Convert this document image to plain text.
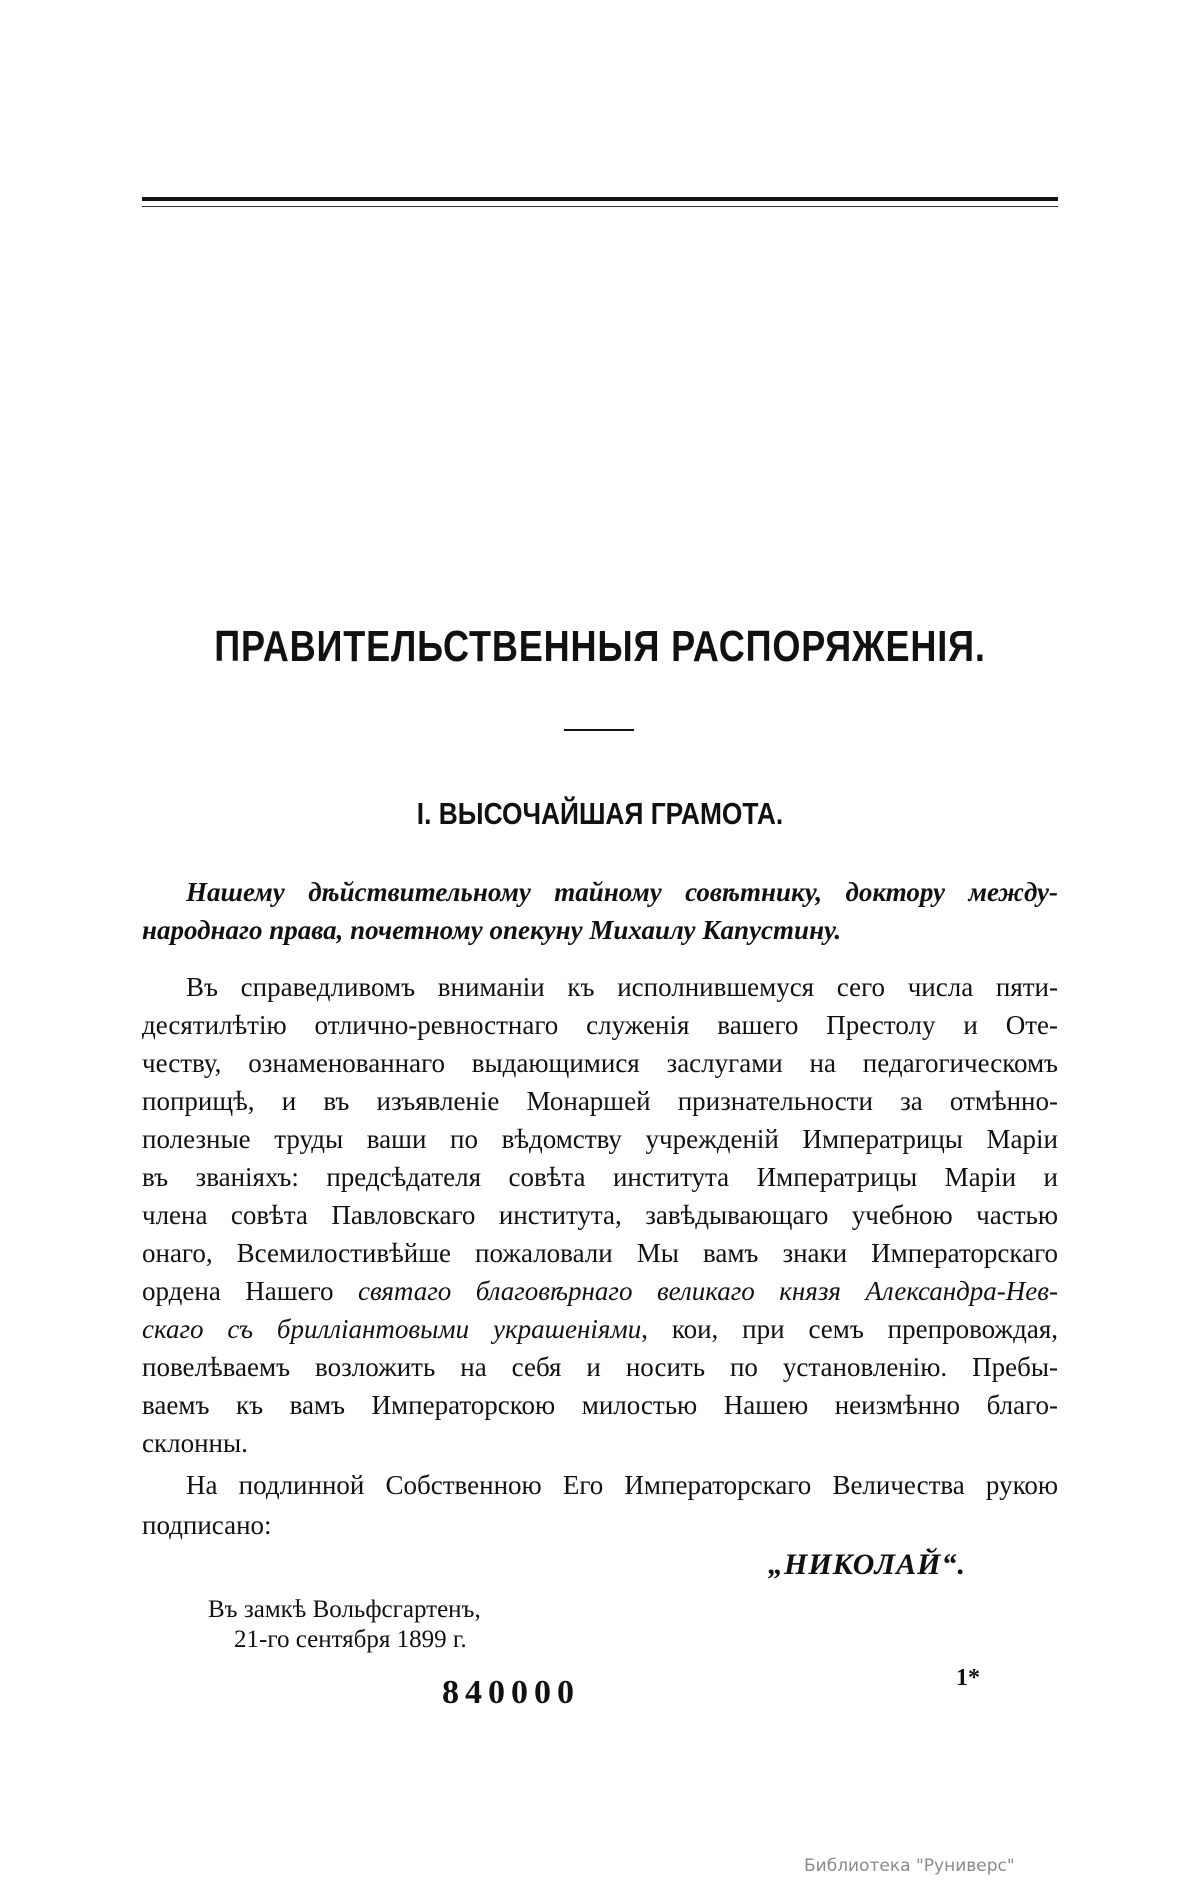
ПРАВИТЕЛЬСТВЕННЫЯ РАСПОРЯЖЕНІЯ.
I. ВЫСОЧАЙШАЯ ГРАМОТА.
Нашему дѣйствительному тайному совѣтнику, доктору между-
народнаго права, почетному опекуну Михаилу Капустину.
Въ справедливомъ вниманіи къ исполнившемуся сего числа пяти-
десятилѣтію отлично-ревностнаго служенія вашего Престолу и Оте-
честву, ознаменованнаго выдающимися заслугами на педагогическомъ
поприщѣ, и въ изъявленіе Монаршей признательности за отмѣнно-
полезные труды ваши по вѣдомству учрежденій Императрицы Маріи
въ званіяхъ: предсѣдателя совѣта института Императрицы Маріи и
члена совѣта Павловскаго института, завѣдывающаго учебною частью
онаго, Всемилостивѣйше пожаловали Мы вамъ знаки Императорскаго
ордена Нашего святаго благовѣрнаго великаго князя Александра-Нев-
скаго съ брилліантовыми украшеніями, кои, при семъ препровождая,
повелѣваемъ возложить на себя и носить по установленію. Пребы-
ваемъ къ вамъ Императорскою милостью Нашею неизмѣнно благо-
склонны.
На подлинной Собственною Его Императорскаго Величества рукою
подписано:
„НИКОЛАЙ“.
Въ замкѣ Вольфсгартенъ,
21-го сентября 1899 г.
840000	1*
Библиотека "Руниверс"
